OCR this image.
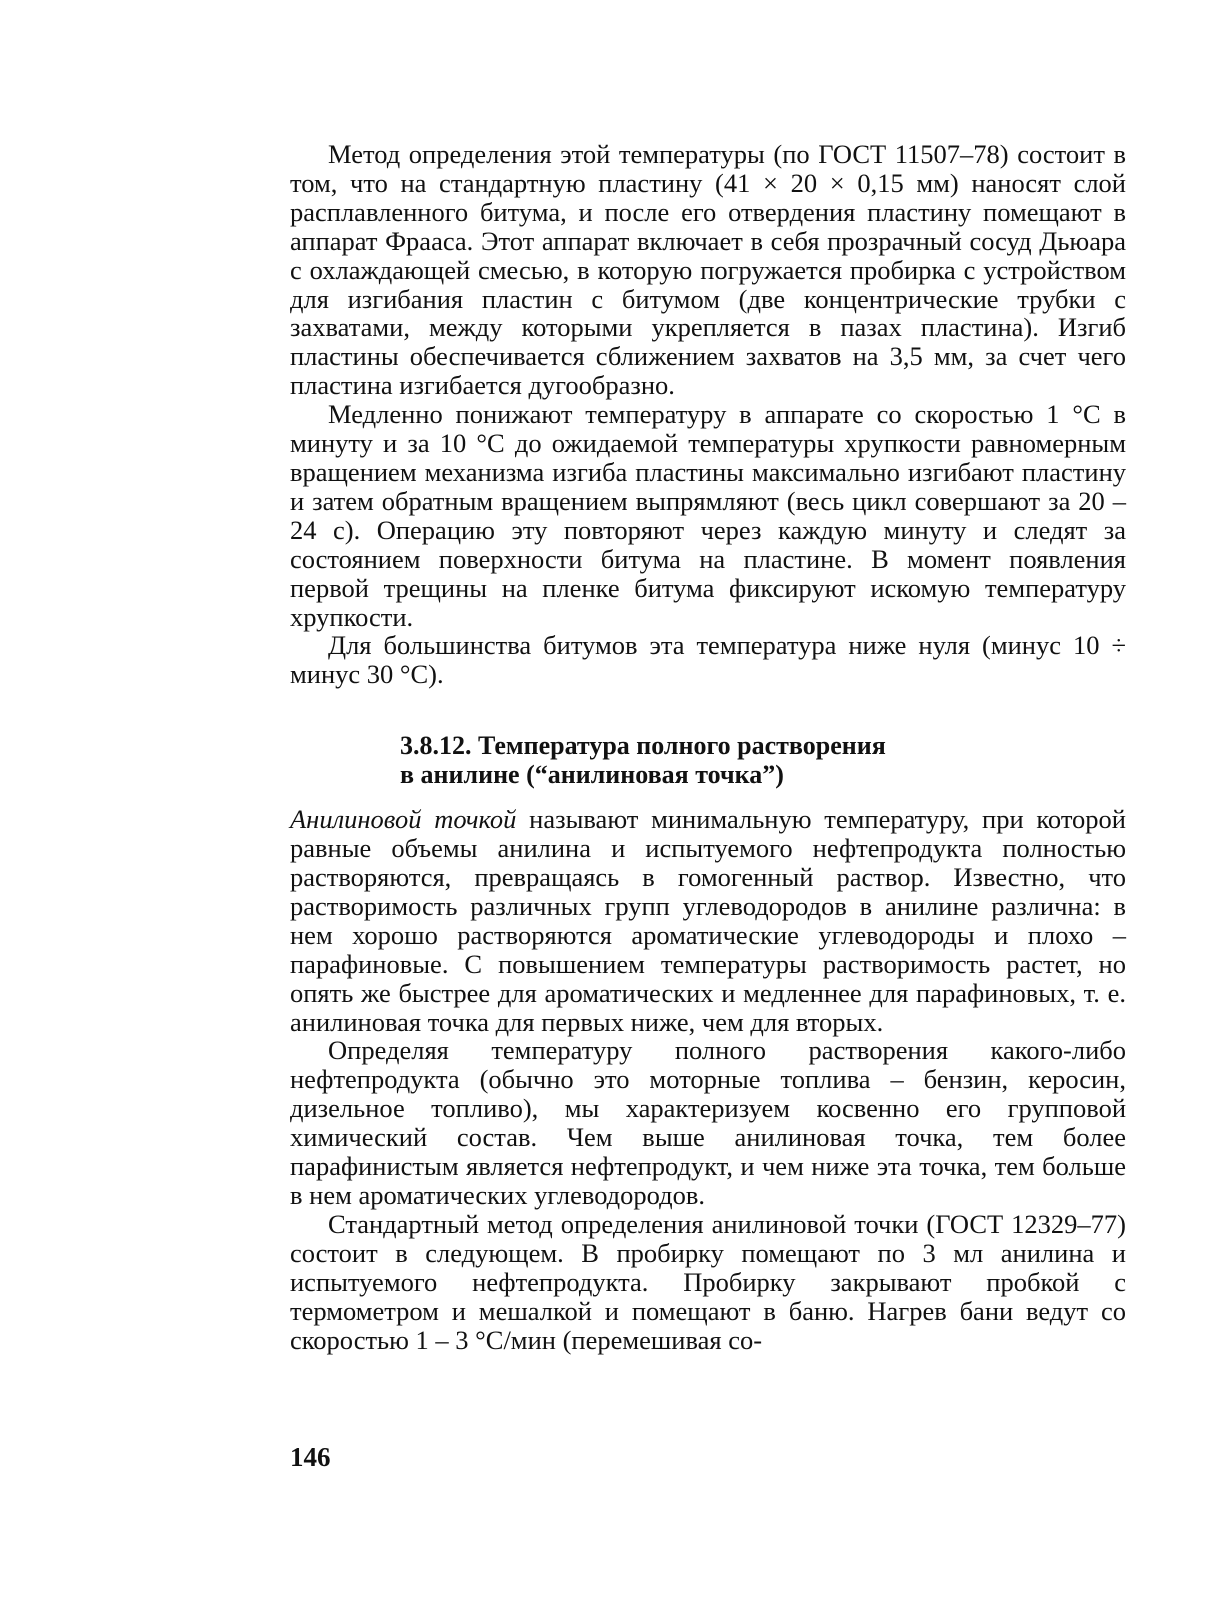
Метод определения этой температуры (по ГОСТ 11507–78) состоит в том, что на стандартную пластину (41 × 20 × 0,15 мм) наносят слой расплавленного битума, и после его отвердения пластину помещают в аппарат Фрааса. Этот аппарат включает в себя прозрачный сосуд Дьюара с охлаждающей смесью, в которую погружается пробирка с устройством для изгибания пластин с битумом (две концентрические трубки с захватами, между которыми укрепляется в пазах пластина). Изгиб пластины обеспечивается сближением захватов на 3,5 мм, за счет чего пластина изгибается дугообразно.

Медленно понижают температуру в аппарате со скоростью 1 °С в минуту и за 10 °С до ожидаемой температуры хрупкости равномерным вращением механизма изгиба пластины максимально изгибают пластину и затем обратным вращением выпрямляют (весь цикл совершают за 20 – 24 с). Операцию эту повторяют через каждую минуту и следят за состоянием поверхности битума на пластине. В момент появления первой трещины на пленке битума фиксируют искомую температуру хрупкости.

Для большинства битумов эта температура ниже нуля (минус 10 ÷ минус 30 °С).

3.8.12. Температура полного растворения
в анилине (“анилиновая точка”)

Анилиновой точкой называют минимальную температуру, при которой равные объемы анилина и испытуемого нефтепродукта полностью растворяются, превращаясь в гомогенный раствор. Известно, что растворимость различных групп углеводородов в анилине различна: в нем хорошо растворяются ароматические углеводороды и плохо – парафиновые. С повышением температуры растворимость растет, но опять же быстрее для ароматических и медленнее для парафиновых, т. е. анилиновая точка для первых ниже, чем для вторых.

Определяя температуру полного растворения какого-либо нефтепродукта (обычно это моторные топлива – бензин, керосин, дизельное топливо), мы характеризуем косвенно его групповой химический состав. Чем выше анилиновая точка, тем более парафинистым является нефтепродукт, и чем ниже эта точка, тем больше в нем ароматических углеводородов.

Стандартный метод определения анилиновой точки (ГОСТ 12329–77) состоит в следующем. В пробирку помещают по 3 мл анилина и испытуемого нефтепродукта. Пробирку закрывают пробкой с термометром и мешалкой и помещают в баню. Нагрев бани ведут со скоростью 1 – 3 °С/мин (перемешивая со-

146
